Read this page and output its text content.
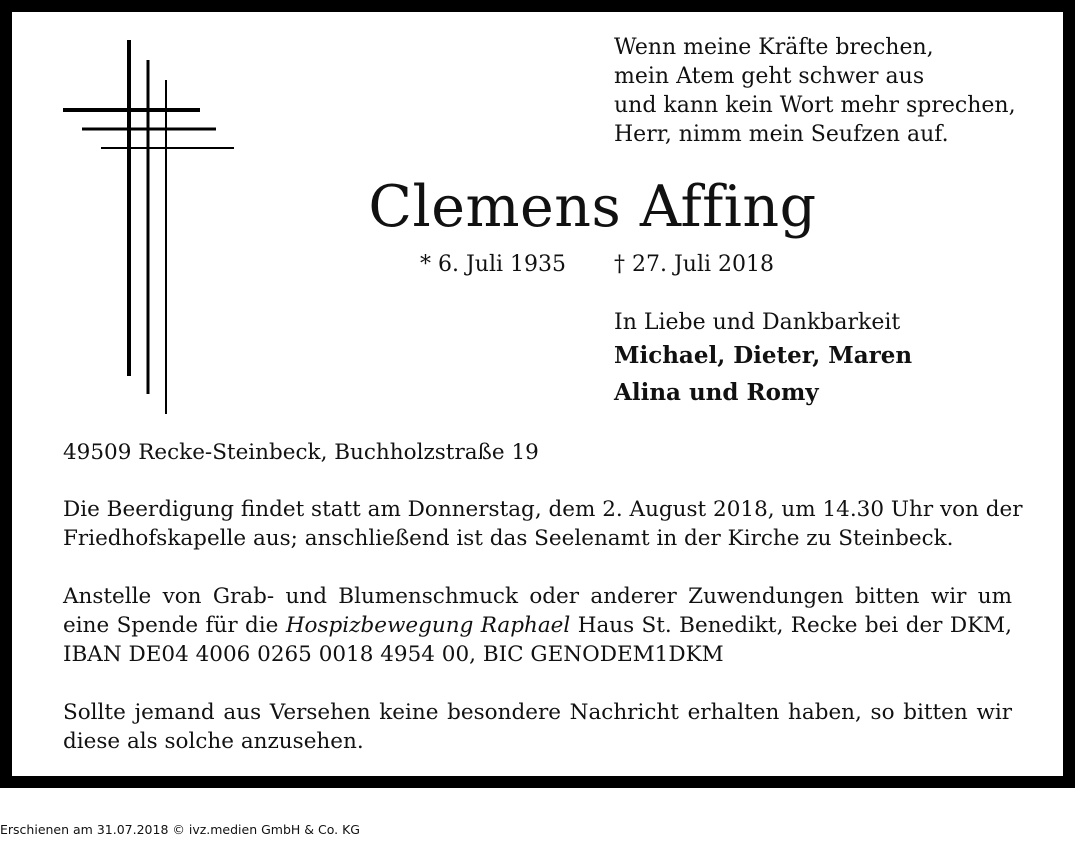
Wenn meine Kräfte brechen,
mein Atem geht schwer aus
und kann kein Wort mehr sprechen,
Herr, nimm mein Seufzen auf.
Clemens Affing
* 6. Juli 1935 † 27. Juli 2018
In Liebe und Dankbarkeit
Michael, Dieter, Maren
Alina und Romy
49509 Recke-Steinbeck, Buchholzstraße 19
Die Beerdigung findet statt am Donnerstag, dem 2. August 2018, um 14.30 Uhr von der
Friedhofskapelle aus; anschließend ist das Seelenamt in der Kirche zu Steinbeck.
Anstelle von Grab- und Blumenschmuck oder anderer Zuwendungen bitten wir um
eine Spende für die Hospizbewegung Raphael Haus St. Benedikt, Recke bei der DKM,
IBAN DE04 4006 0265 0018 4954 00, BIC GENODEM1DKM
Sollte jemand aus Versehen keine besondere Nachricht erhalten haben, so bitten wir
diese als solche anzusehen.
Erschienen am 31.07.2018 © ivz.medien GmbH & Co. KG
